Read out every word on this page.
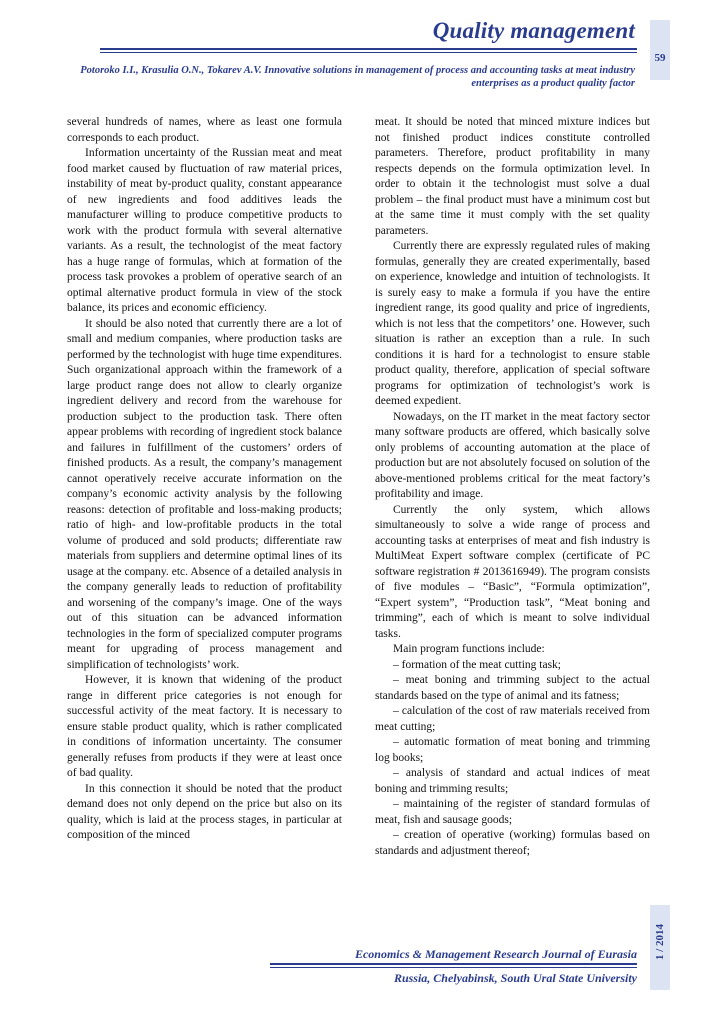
59
Quality management
Potoroko I.I., Krasulia O.N., Tokarev A.V. Innovative solutions in management of process and accounting tasks at meat industry enterprises as a product quality factor

several hundreds of names, where as least one formula corresponds to each product.

Information uncertainty of the Russian meat and meat food market caused by fluctuation of raw material prices, instability of meat by-product quality, constant appearance of new ingredients and food additives leads the manufacturer willing to produce competitive products to work with the product formula with several alternative variants. As a result, the technologist of the meat factory has a huge range of formulas, which at formation of the process task provokes a problem of operative search of an optimal alternative product formula in view of the stock balance, its prices and economic efficiency.

It should be also noted that currently there are a lot of small and medium companies, where production tasks are performed by the technologist with huge time expenditures. Such organizational approach within the framework of a large product range does not allow to clearly organize ingredient delivery and record from the warehouse for production subject to the production task. There often appear problems with recording of ingredient stock balance and failures in fulfillment of the customers’ orders of finished products. As a result, the company’s management cannot operatively receive accurate information on the company’s economic activity analysis by the following reasons: detection of profitable and loss-making products; ratio of high- and low-profitable products in the total volume of produced and sold products; differentiate raw materials from suppliers and determine optimal lines of its usage at the company. etc. Absence of a detailed analysis in the company generally leads to reduction of profitability and worsening of the company’s image. One of the ways out of this situation can be advanced information technologies in the form of specialized computer programs meant for upgrading of process management and simplification of technologists’ work.

However, it is known that widening of the product range in different price categories is not enough for successful activity of the meat factory. It is necessary to ensure stable product quality, which is rather complicated in conditions of information uncertainty. The consumer generally refuses from products if they were at least once of bad quality.

In this connection it should be noted that the product demand does not only depend on the price but also on its quality, which is laid at the process stages, in particular at composition of the minced

meat. It should be noted that minced mixture indices but not finished product indices constitute controlled parameters. Therefore, product profitability in many respects depends on the formula optimization level. In order to obtain it the technologist must solve a dual problem – the final product must have a minimum cost but at the same time it must comply with the set quality parameters.

Currently there are expressly regulated rules of making formulas, generally they are created experimentally, based on experience, knowledge and intuition of technologists. It is surely easy to make a formula if you have the entire ingredient range, its good quality and price of ingredients, which is not less that the competitors’ one. However, such situation is rather an exception than a rule. In such conditions it is hard for a technologist to ensure stable product quality, therefore, application of special software programs for optimization of technologist’s work is deemed expedient.

Nowadays, on the IT market in the meat factory sector many software products are offered, which basically solve only problems of accounting automation at the place of production but are not absolutely focused on solution of the above-mentioned problems critical for the meat factory’s profitability and image.

Currently the only system, which allows simultaneously to solve a wide range of process and accounting tasks at enterprises of meat and fish industry is MultiMeat Expert software complex (certificate of PC software registration # 2013616949). The program consists of five modules – “Basic”, “Formula optimization”, “Expert system”, “Production task”, “Meat boning and trimming”, each of which is meant to solve individual tasks.

Main program functions include:

– formation of the meat cutting task;

– meat boning and trimming subject to the actual standards based on the type of animal and its fatness;

– calculation of the cost of raw materials received from meat cutting;

– automatic formation of meat boning and trimming log books;

– analysis of standard and actual indices of meat boning and trimming results;

– maintaining of the register of standard formulas of meat, fish and sausage goods;

– creation of operative (working) formulas based on standards and adjustment thereof;

Economics & Management Research Journal of Eurasia
Russia, Chelyabinsk, South Ural State University
1 / 2014
